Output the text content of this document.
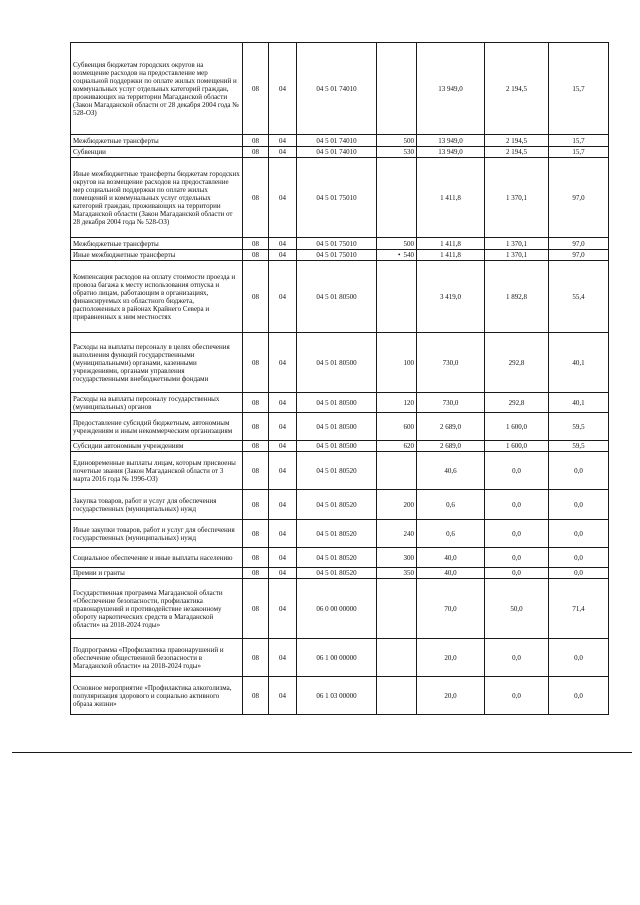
Субвенция бюджетам городских округов на возмещение расходов на предоставление мер социальной поддержки по оплате жилых помещений и коммунальных услуг отдельных категорий граждан, проживающих на территории Магаданской области (Закон Магаданской области от 28 декабря 2004 года № 528-ОЗ)	08	04	04 5 01 74010		13 949,0	2 194,5	15,7
Межбюджетные трансферты	08	04	04 5 01 74010	500	13 949,0	2 194,5	15,7
Субвенции	08	04	04 5 01 74010	530	13 949,0	2 194,5	15,7
Иные межбюджетные трансферты бюджетам городских округов на возмещение расходов на предоставление мер социальной поддержки по оплате жилых помещений и коммунальных услуг отдельных категорий граждан, проживающих на территории Магаданской области (Закон Магаданской области от 28 декабря 2004 года № 528-ОЗ)	08	04	04 5 01 75010		1 411,8	1 370,1	97,0
Межбюджетные трансферты	08	04	04 5 01 75010	500	1 411,8	1 370,1	97,0
Иные межбюджетные трансферты	08	04	04 5 01 75010	• 540	1 411,8	1 370,1	97,0
Компенсация расходов на оплату стоимости проезда и провоза багажа к месту использования отпуска и обратно лицам, работающим в организациях, финансируемых из областного бюджета, расположенных в районах Крайнего Севера и приравненных к ним местностях	08	04	04 5 01 80500		3 419,0	1 892,8	55,4
Расходы на выплаты персоналу в целях обеспечения выполнения функций государственными (муниципальными) органами, казенными учреждениями, органами управления государственными внебюджетными фондами	08	04	04 5 01 80500	100	730,0	292,8	40,1
Расходы на выплаты персоналу государственных (муниципальных) органов	08	04	04 5 01 80500	120	730,0	292,8	40,1
Предоставление субсидий бюджетным, автономным учреждениям и иным некоммерческим организациям	08	04	04 5 01 80500	600	2 689,0	1 600,0	59,5
Субсидии автономным учреждениям	08	04	04 5 01 80500	620	2 689,0	1 600,0	59,5
Единовременные выплаты лицам, которым присвоены почетные звания (Закон Магаданской области от 3 марта 2016 года № 1996-ОЗ)	08	04	04 5 01 80520		40,6	0,0	0,0
Закупка товаров, работ и услуг для обеспечения государственных (муниципальных) нужд	08	04	04 5 01 80520	200	0,6	0,0	0,0
Иные закупки товаров, работ и услуг для обеспечения государственных (муниципальных) нужд	08	04	04 5 01 80520	240	0,6	0,0	0,0
Социальное обеспечение и иные выплаты населению	08	04	04 5 01 80520	300	40,0	0,0	0,0
Премии и гранты	08	04	04 5 01 80520	350	40,0	0,0	0,0
Государственная программа Магаданской области «Обеспечение безопасности, профилактика правонарушений и противодействие незаконному обороту наркотических средств в Магаданской области» на 2018-2024 годы»	08	04	06 0 00 00000		70,0	50,0	71,4
Подпрограмма «Профилактика правонарушений и обеспечение общественной безопасности в Магаданской области» на 2018-2024 годы»	08	04	06 1 00 00000		20,0	0,0	0,0
Основное мероприятие «Профилактика алкоголизма, популяризация здорового и социально активного образа жизни»	08	04	06 1 03 00000		20,0	0,0	0,0
